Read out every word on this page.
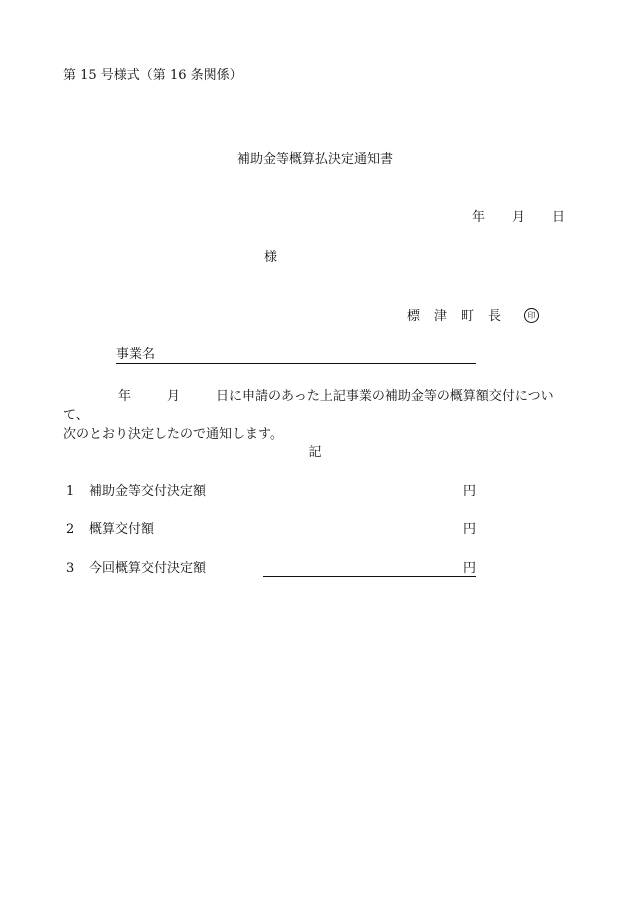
第 15 号様式（第 16 条関係）
補助金等概算払決定通知書
年 月 日
様
標 津 町 長	印
事業名
年	月	日に申請のあった上記事業の補助金等の概算額交付について、
次のとおり決定したので通知します。
記
1 補助金等交付決定額	円
2 概算交付額	円
3 今回概算交付決定額	円
